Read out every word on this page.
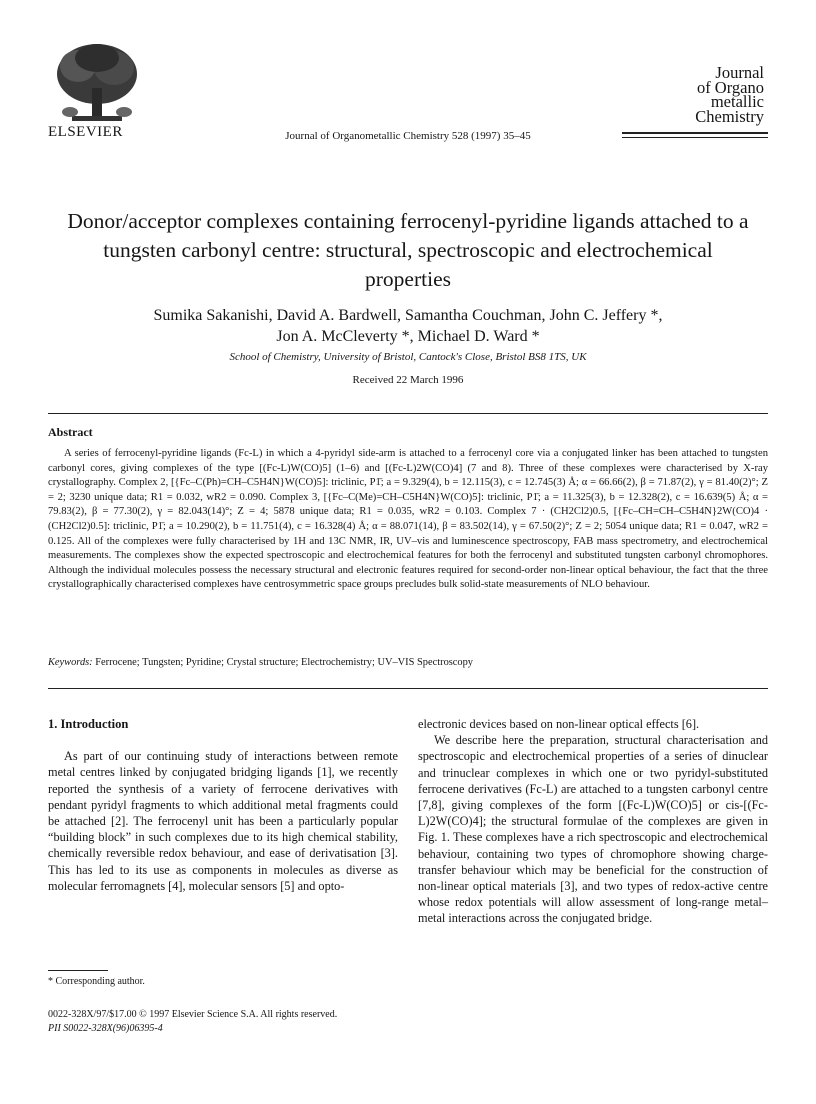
ELSEVIER	Journal of Organometallic Chemistry 528 (1997) 35–45
Journal
of Organo
metallic
Chemistry
Donor/acceptor complexes containing ferrocenyl-pyridine ligands attached to a tungsten carbonyl centre: structural, spectroscopic and electrochemical properties
Sumika Sakanishi, David A. Bardwell, Samantha Couchman, John C. Jeffery *,
Jon A. McCleverty *, Michael D. Ward *
School of Chemistry, University of Bristol, Cantock's Close, Bristol BS8 1TS, UK
Received 22 March 1996
Abstract
A series of ferrocenyl-pyridine ligands (Fc-L) in which a 4-pyridyl side-arm is attached to a ferrocenyl core via a conjugated linker has been attached to tungsten carbonyl cores, giving complexes of the type [(Fc-L)W(CO)5] (1–6) and [(Fc-L)2W(CO)4] (7 and 8). Three of these complexes were characterised by X-ray crystallography. Complex 2, [{Fc–C(Ph)=CH–C5H4N}W(CO)5]: triclinic, P1̄; a = 9.329(4), b = 12.115(3), c = 12.745(3) Å; α = 66.66(2), β = 71.87(2), γ = 81.40(2)°; Z = 2; 3230 unique data; R1 = 0.032, wR2 = 0.090. Complex 3, [{Fc–C(Me)=CH–C5H4N}W(CO)5]: triclinic, P1̄; a = 11.325(3), b = 12.328(2), c = 16.639(5) Å; α = 79.83(2), β = 77.30(2), γ = 82.043(14)°; Z = 4; 5878 unique data; R1 = 0.035, wR2 = 0.103. Complex 7 · (CH2Cl2)0.5, [{Fc–CH=CH–C5H4N}2W(CO)4 · (CH2Cl2)0.5]: triclinic, P1̄; a = 10.290(2), b = 11.751(4), c = 16.328(4) Å; α = 88.071(14), β = 83.502(14), γ = 67.50(2)°; Z = 2; 5054 unique data; R1 = 0.047, wR2 = 0.125. All of the complexes were fully characterised by 1H and 13C NMR, IR, UV–vis and luminescence spectroscopy, FAB mass spectrometry, and electrochemical measurements. The complexes show the expected spectroscopic and electrochemical features for both the ferrocenyl and substituted tungsten carbonyl chromophores. Although the individual molecules possess the necessary structural and electronic features required for second-order non-linear optical behaviour, the fact that the three crystallographically characterised complexes have centrosymmetric space groups precludes bulk solid-state measurements of NLO behaviour.
Keywords: Ferrocene; Tungsten; Pyridine; Crystal structure; Electrochemistry; UV–VIS Spectroscopy
1. Introduction

As part of our continuing study of interactions between remote metal centres linked by conjugated bridging ligands [1], we recently reported the synthesis of a variety of ferrocene derivatives with pendant pyridyl fragments to which additional metal fragments could be attached [2]. The ferrocenyl unit has been a particularly popular “building block” in such complexes due to its high chemical stability, chemically reversible redox behaviour, and ease of derivatisation [3]. This has led to its use as components in molecules as diverse as molecular ferromagnets [4], molecular sensors [5] and opto-

electronic devices based on non-linear optical effects [6].

We describe here the preparation, structural characterisation and spectroscopic and electrochemical properties of a series of dinuclear and trinuclear complexes in which one or two pyridyl-substituted ferrocene derivatives (Fc-L) are attached to a tungsten carbonyl centre [7,8], giving complexes of the form [(Fc-L)W(CO)5] or cis-[(Fc-L)2W(CO)4]; the structural formulae of the complexes are given in Fig. 1. These complexes have a rich spectroscopic and electrochemical behaviour, containing two types of chromophore showing charge-transfer behaviour which may be beneficial for the construction of non-linear optical materials [3], and two types of redox-active centre whose redox potentials will allow assessment of long-range metal–metal interactions across the conjugated bridge.

* Corresponding author.
0022-328X/97/$17.00 © 1997 Elsevier Science S.A. All rights reserved.
PII S0022-328X(96)06395-4
